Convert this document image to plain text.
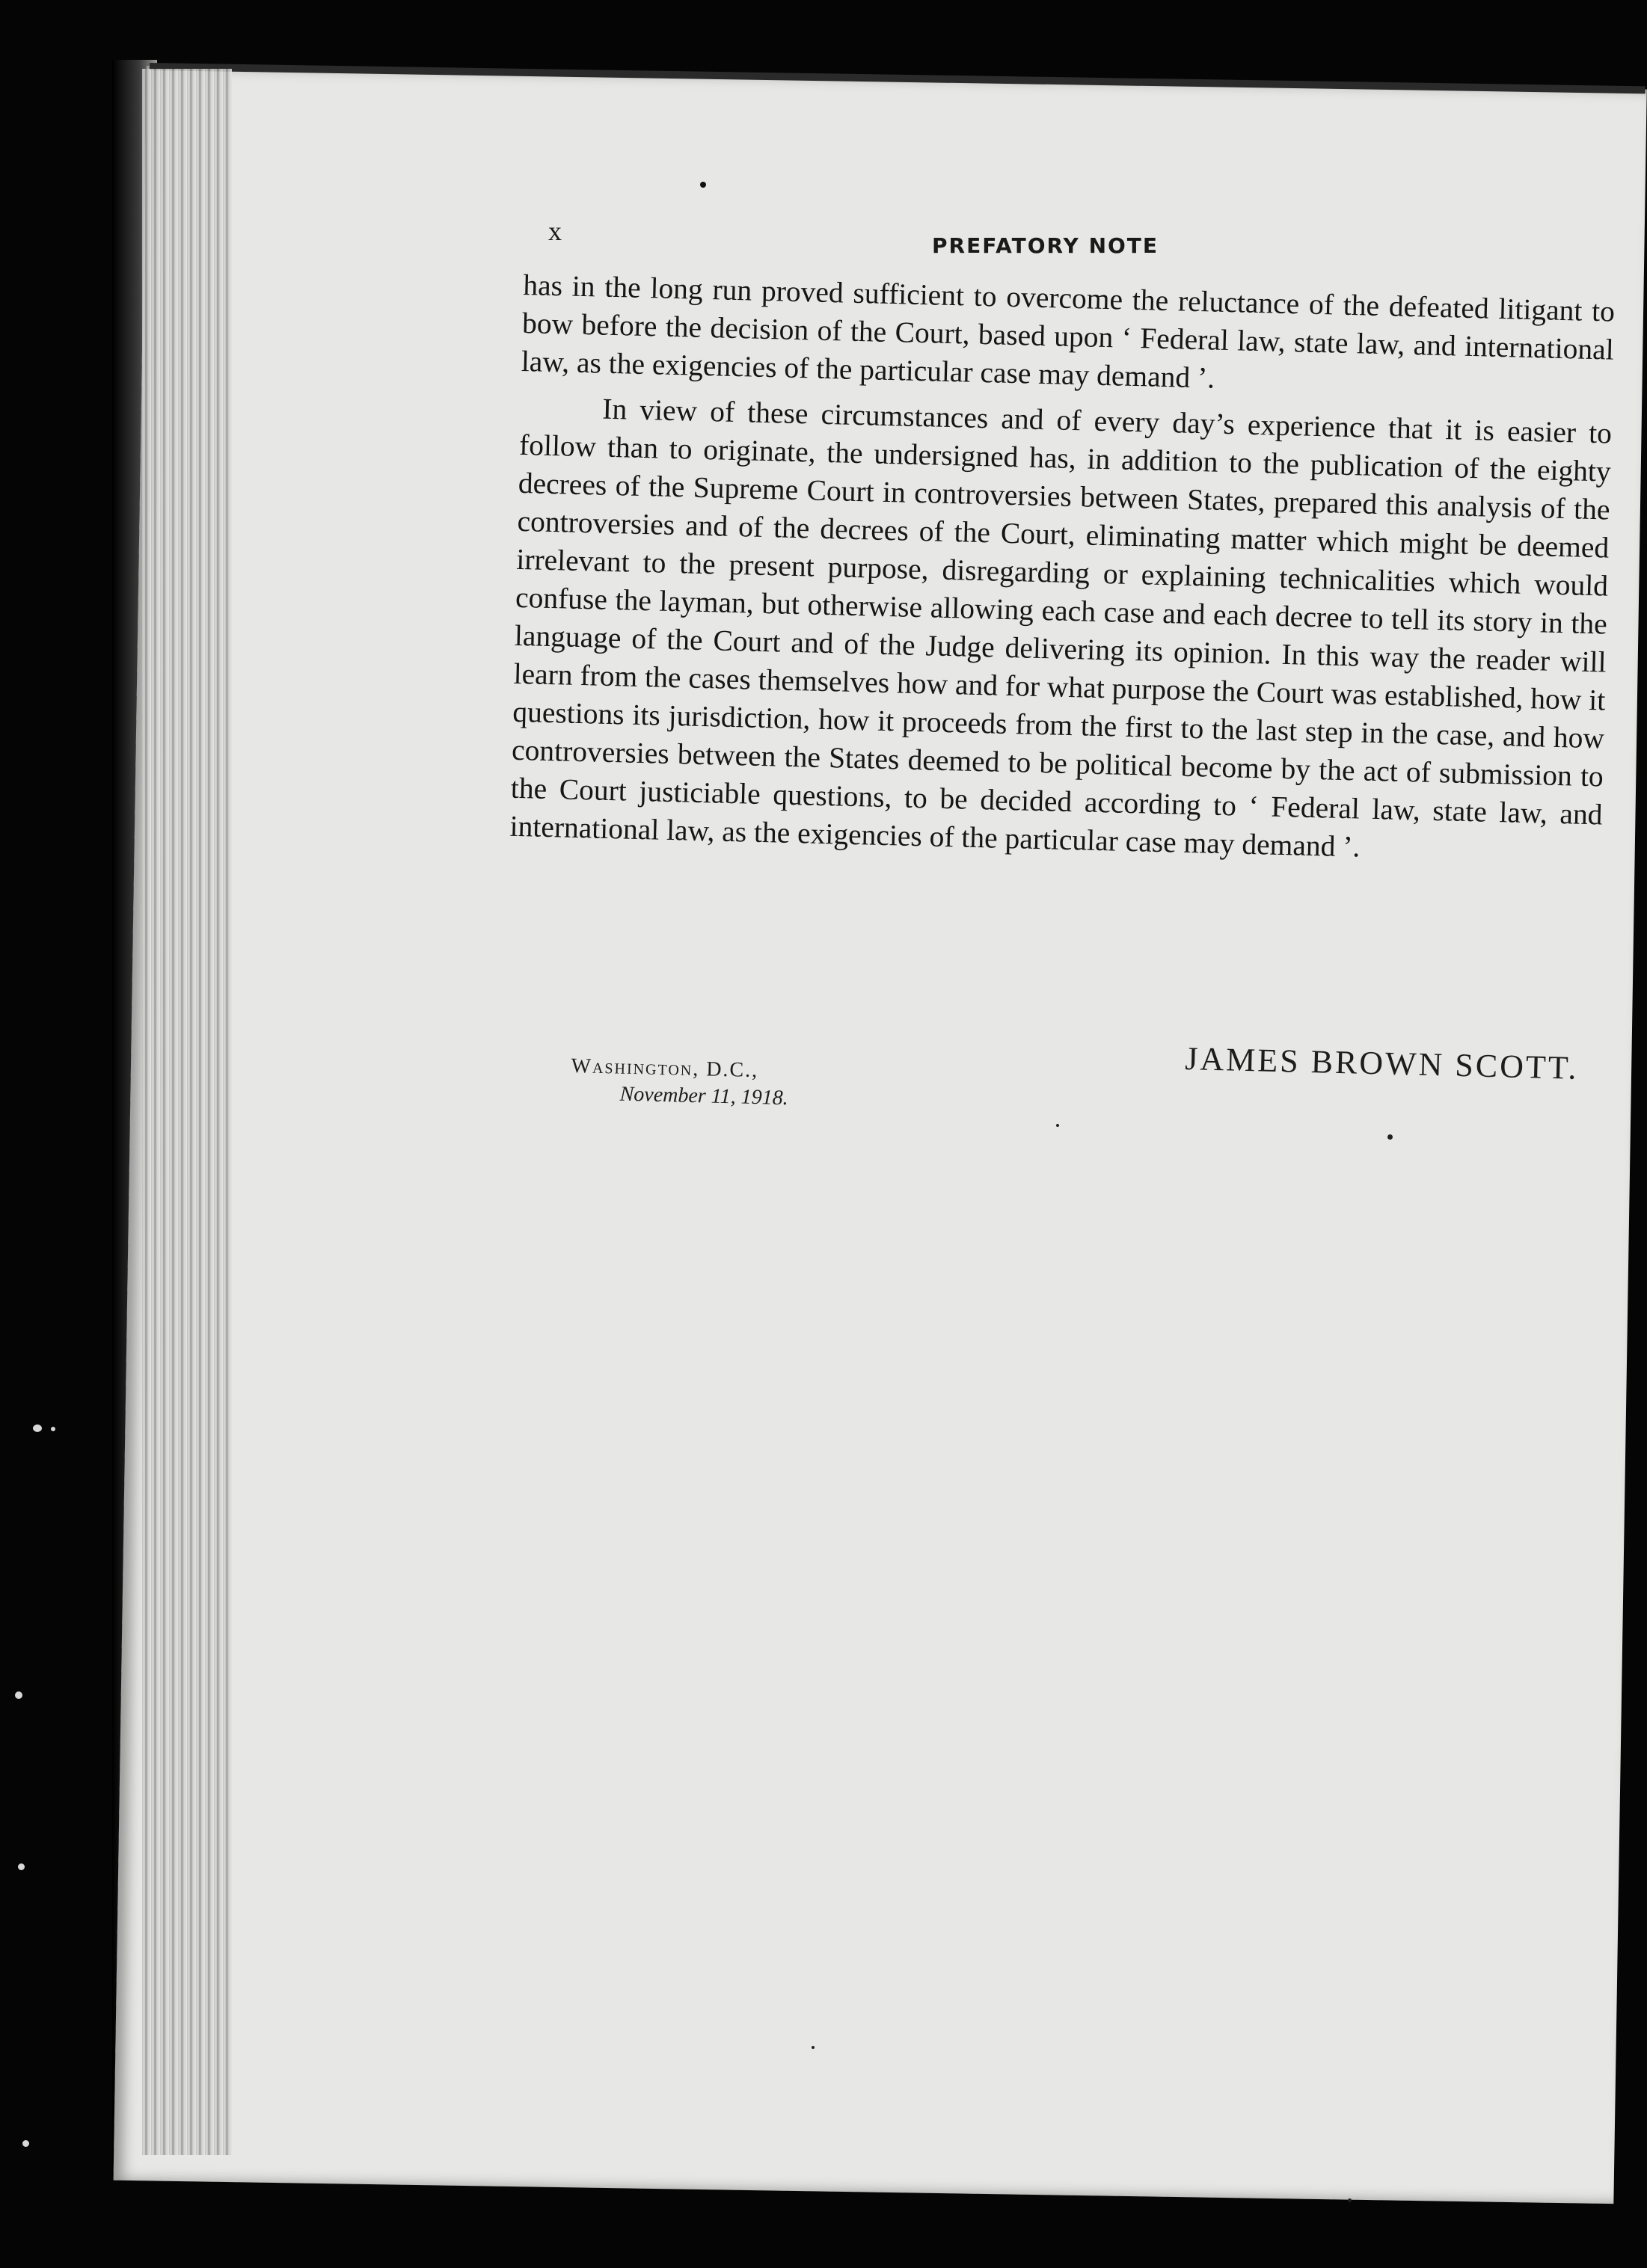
x	PREFATORY NOTE

has in the long run proved sufficient to overcome the reluctance of the defeated litigant to bow before the decision of the Court, based upon ‘ Federal law, state law, and international law, as the exigencies of the particular case may demand ’.

In view of these circumstances and of every day’s experience that it is easier to follow than to originate, the undersigned has, in addition to the publication of the eighty decrees of the Supreme Court in controversies between States, prepared this analysis of the controversies and of the decrees of the Court, eliminating matter which might be deemed irrelevant to the present purpose, disregarding or explaining technicalities which would confuse the layman, but otherwise allowing each case and each decree to tell its story in the language of the Court and of the Judge delivering its opinion. In this way the reader will learn from the cases themselves how and for what purpose the Court was established, how it questions its jurisdiction, how it proceeds from the first to the last step in the case, and how controversies between the States deemed to be political become by the act of submission to the Court justiciable questions, to be decided according to ‘ Federal law, state law, and international law, as the exigencies of the particular case may demand ’.

Washington, D.C.,
November 11, 1918.
JAMES BROWN SCOTT.
